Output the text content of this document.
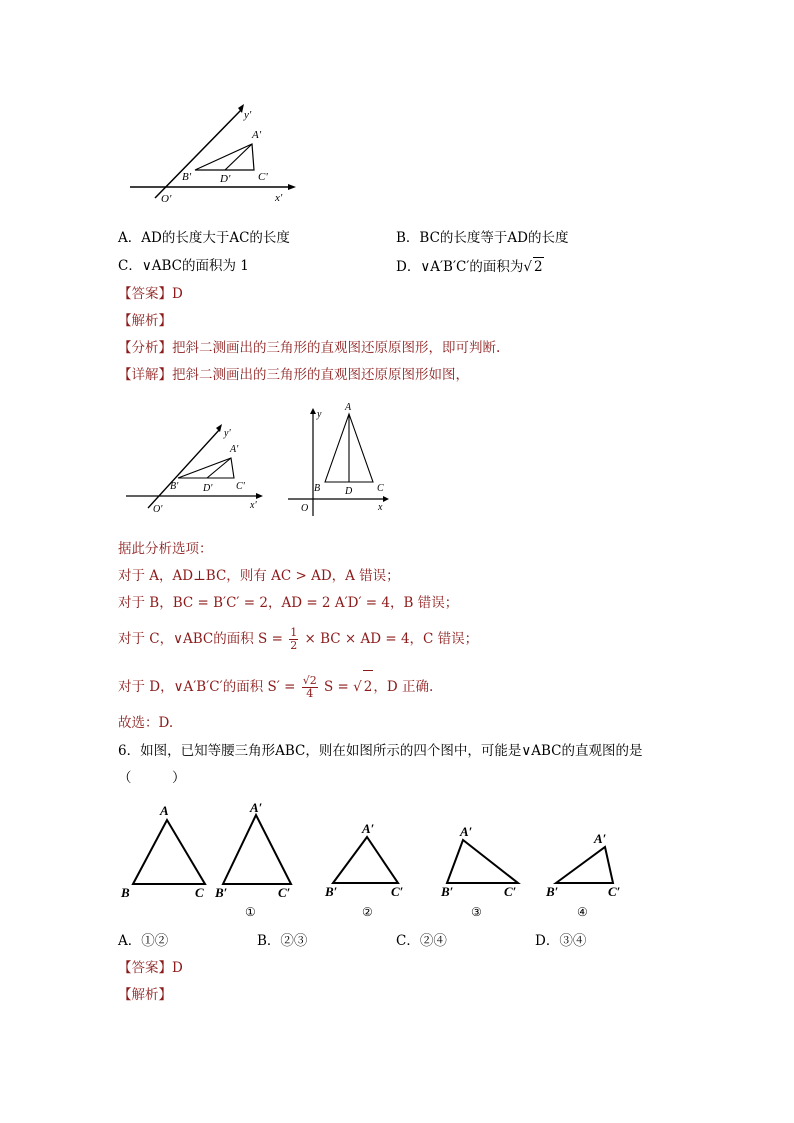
y'
x'
O'
A'
B'	C'
D'
A．AD的长度大于AC的长度	B．BC的长度等于AD的长度
C．∨ABC的面积为 1	D．∨A′B′C′的面积为√ 2
【答案】D
【解析】
【分析】把斜二测画出的三角形的直观图还原原图形，即可判断.
【详解】把斜二测画出的三角形的直观图还原原图形如图，
y'
x'
O'
A'
B'	C'
D'
y
x
O
A
B	C
D
据此分析选项：
对于 A，AD⊥BC，则有 AC > AD，A 错误；
对于 B，BC = B′C′ = 2，AD = 2 A′D′ = 4，B 错误；
对于 C，∨ABC的面积 $S = \frac{1}{2}$ × BC × AD = 4，C 错误；
对于 D，∨A′B′C′的面积 $S' = \frac{√2}{4}$ S = √ 2，D 正确.
故选：D.
6．如图，已知等腰三角形ABC，则在如图所示的四个图中，可能是∨ABC的直观图的是
（　　　）
A
B	C
A′
B′	C′
①
A′
B′	C′
②
A′
B′	C′
③
A′
B′	C′
④
A．①②	B．②③	C．②④	D．③④
【答案】D
【解析】
